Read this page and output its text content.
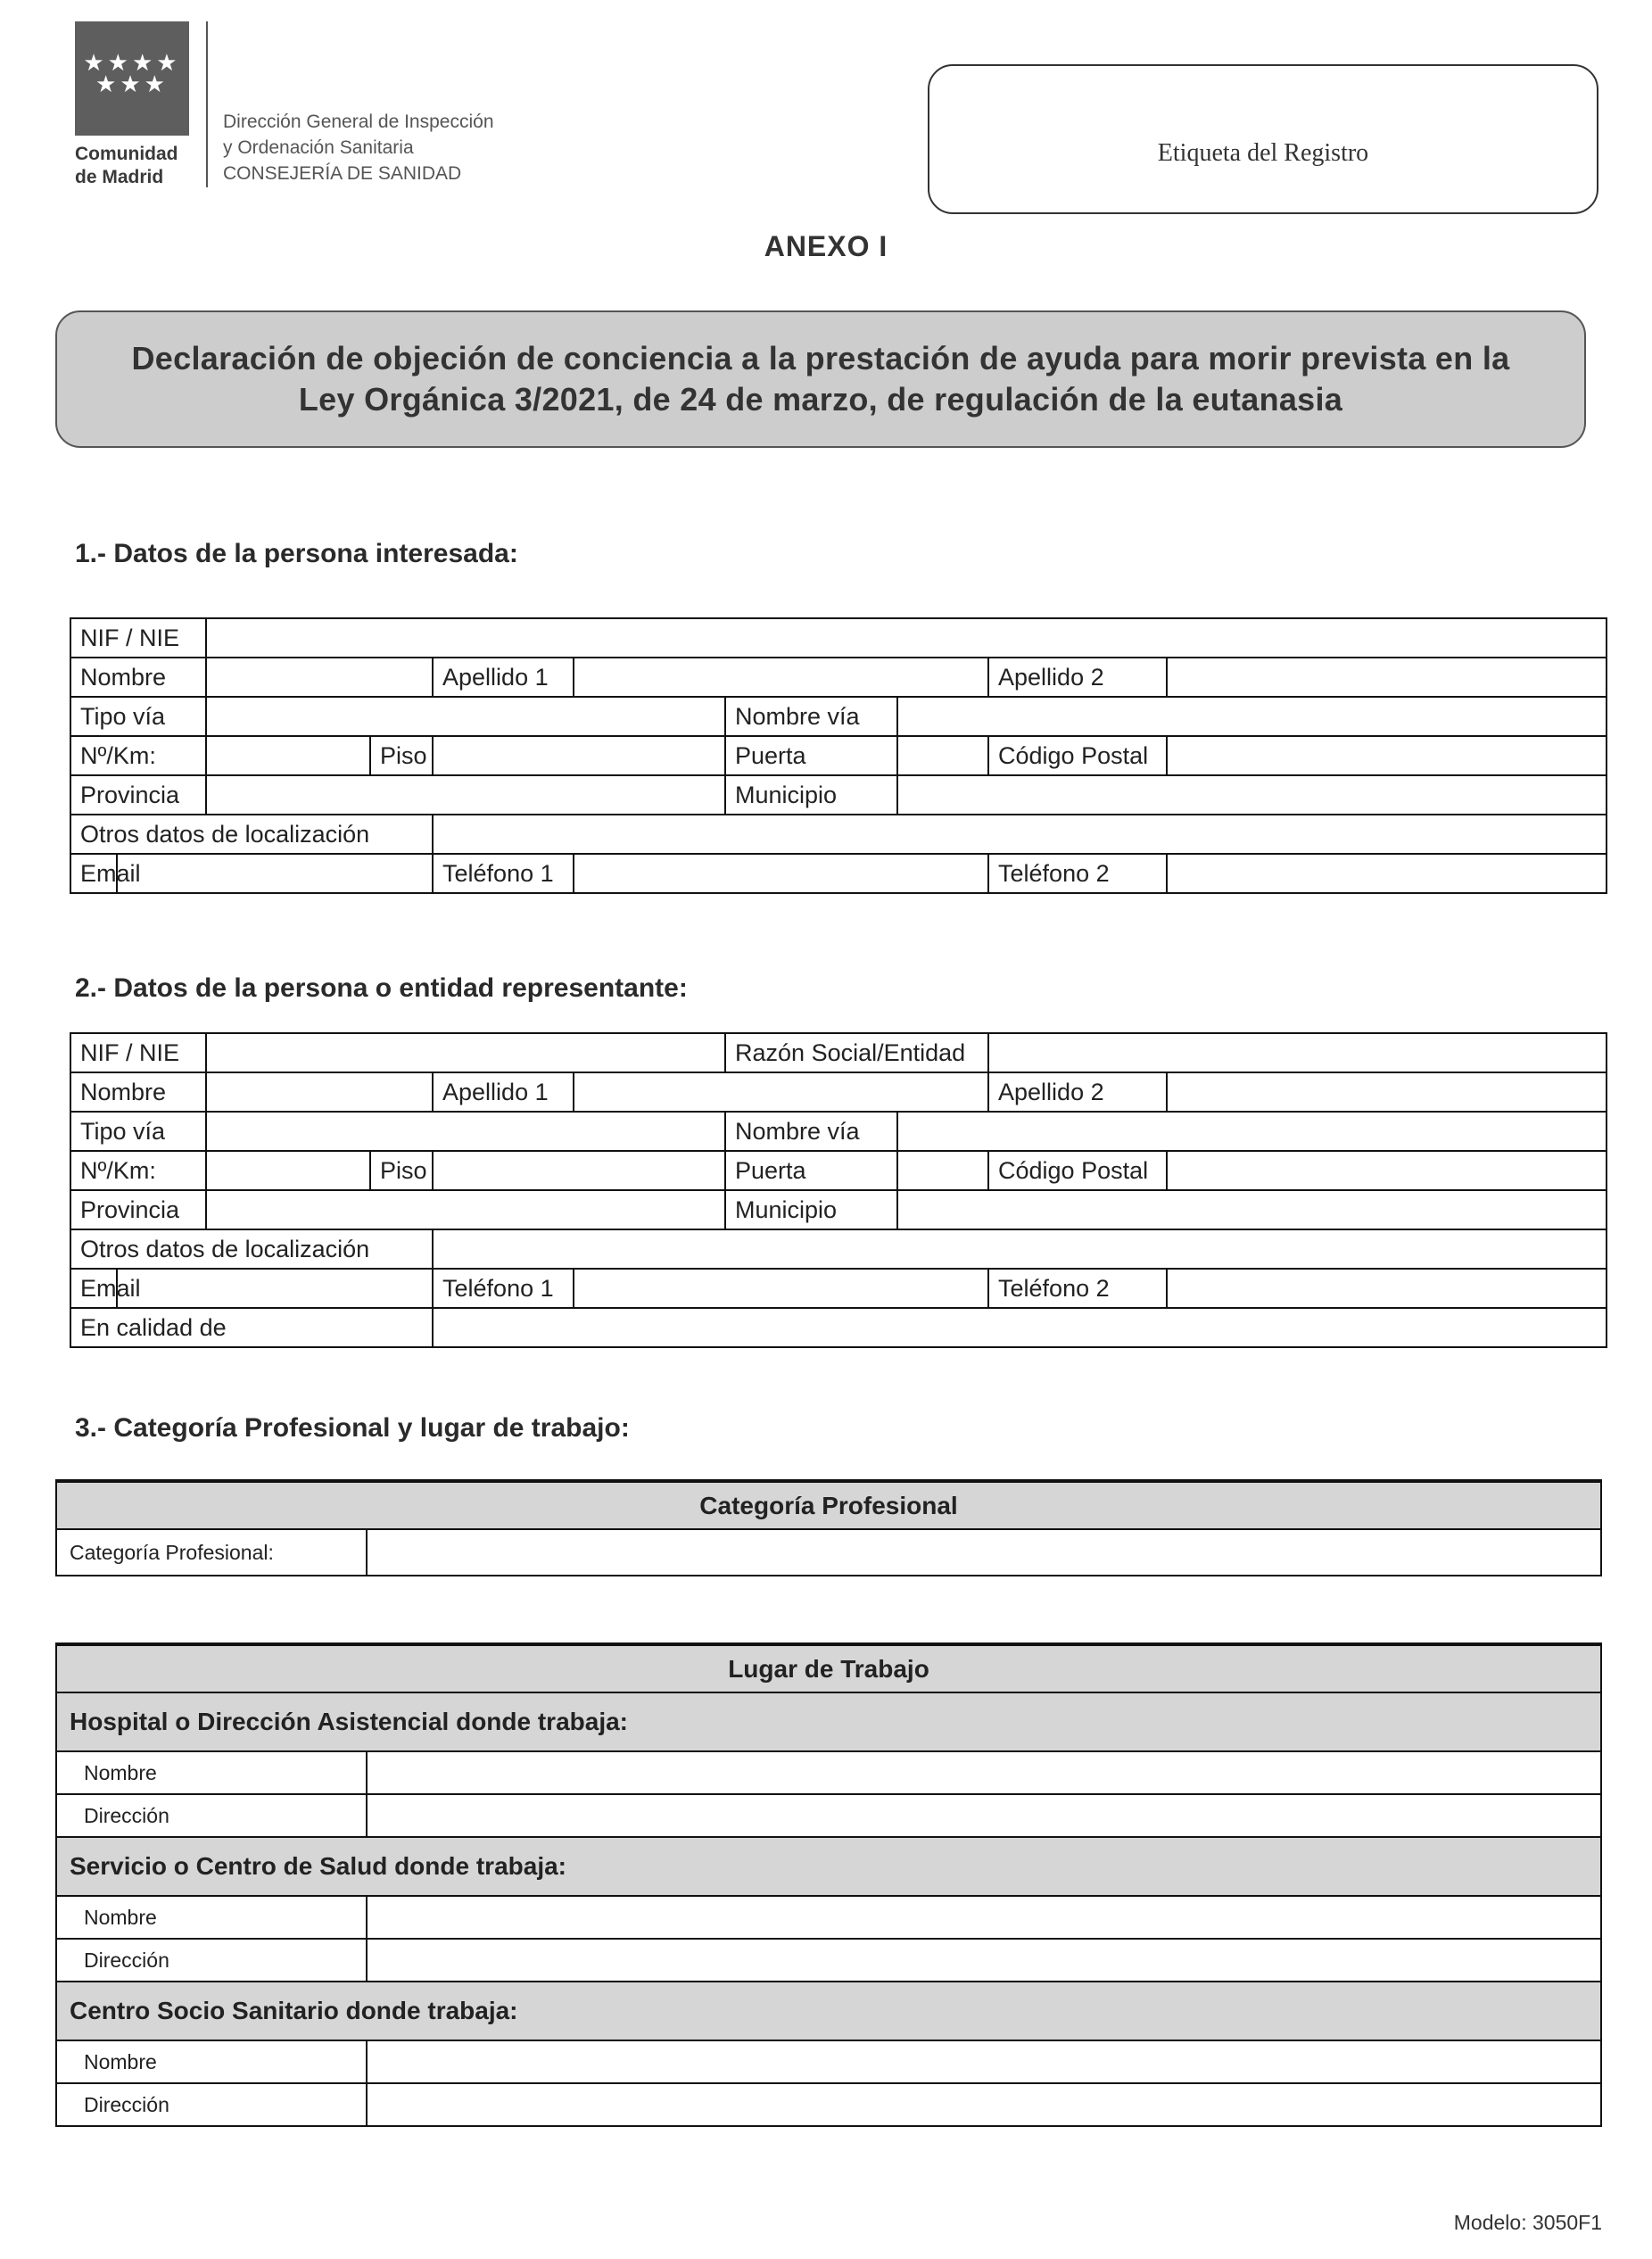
★★★★
★★★
Comunidad
de Madrid
Dirección General de Inspección
y Ordenación Sanitaria
CONSEJERÍA DE SANIDAD
Etiqueta del Registro
ANEXO I
Declaración de objeción de conciencia a la prestación de ayuda para morir prevista en la
Ley Orgánica 3/2021, de 24 de marzo, de regulación de la eutanasia
1.- Datos de la persona interesada:
NIF / NIE									
Nombre				Apellido 1				Apellido 2	
Tipo vía						Nombre vía			
Nº/Km:			Piso			Puerta		Código Postal	
Provincia						Municipio			
Otros datos de localización									
Email				Teléfono 1				Teléfono 2	
2.- Datos de la persona o entidad representante:
NIF / NIE						Razón Social/Entidad			
Nombre				Apellido 1				Apellido 2	
Tipo vía						Nombre vía			
Nº/Km:			Piso			Puerta		Código Postal	
Provincia						Municipio			
Otros datos de localización									
Email				Teléfono 1				Teléfono 2	
En calidad de									
3.- Categoría Profesional y lugar de trabajo:
Categoría Profesional
Categoría Profesional:	
Lugar de Trabajo	
Hospital o Dirección Asistencial donde trabaja:	
Nombre	
Dirección	
Servicio o Centro de Salud donde trabaja:	
Nombre	
Dirección	
Centro Socio Sanitario donde trabaja:	
Nombre	
Dirección	
Modelo: 3050F1
